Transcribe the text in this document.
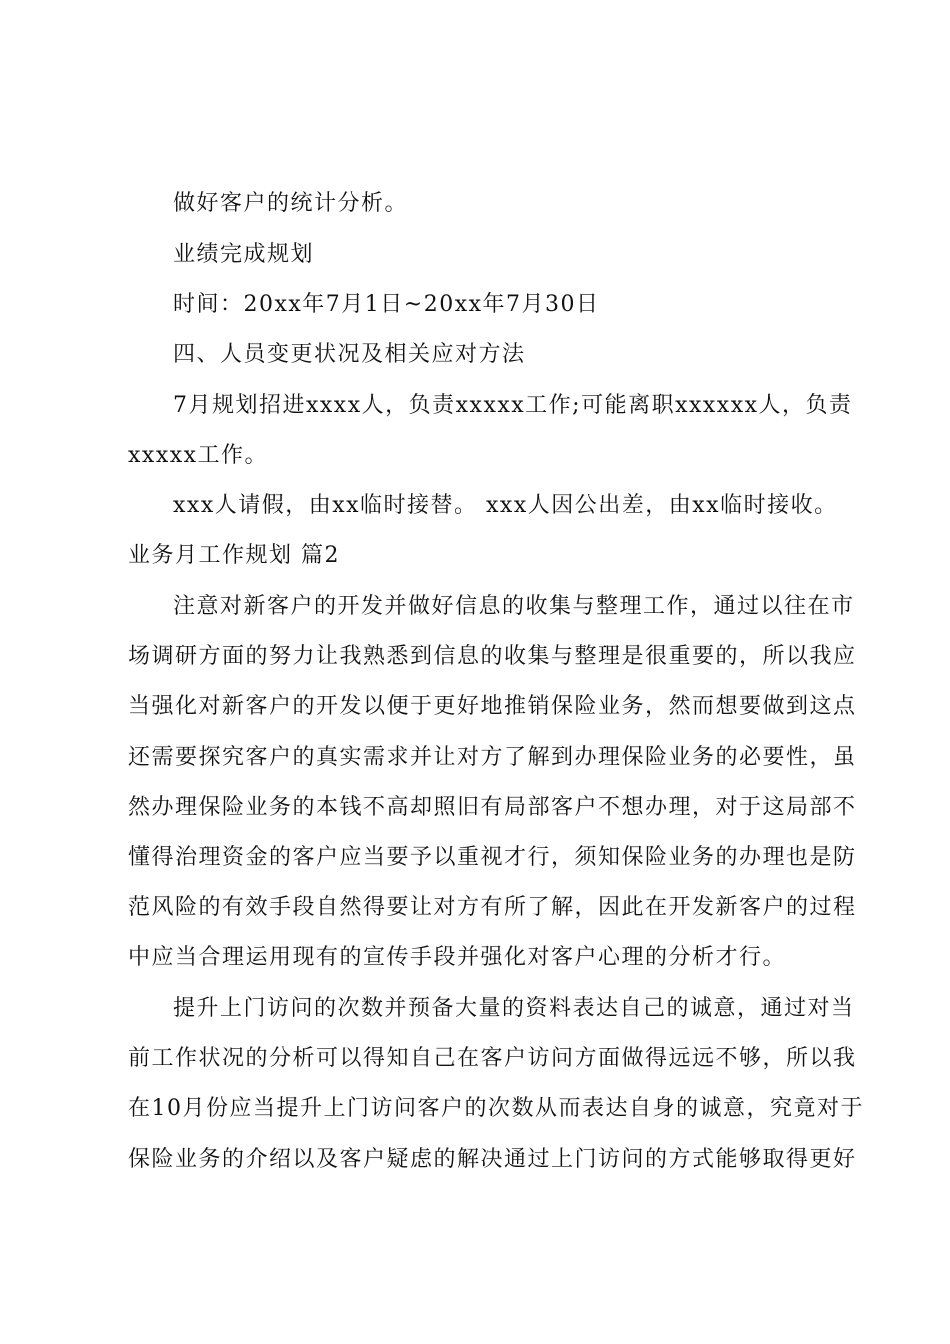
做好客户的统计分析。
业绩完成规划
时间：20xx年7月1日~20xx年7月30日
四、人员变更状况及相关应对方法
7月规划招进xxxx人，负责xxxxx工作;可能离职xxxxxx人，负责
xxxxx工作。
xxx人请假，由xx临时接替。 xxx人因公出差，由xx临时接收。
业务月工作规划 篇2
注意对新客户的开发并做好信息的收集与整理工作，通过以往在市
场调研方面的努力让我熟悉到信息的收集与整理是很重要的，所以我应
当强化对新客户的开发以便于更好地推销保险业务，然而想要做到这点
还需要探究客户的真实需求并让对方了解到办理保险业务的必要性，虽
然办理保险业务的本钱不高却照旧有局部客户不想办理，对于这局部不
懂得治理资金的客户应当要予以重视才行，须知保险业务的办理也是防
范风险的有效手段自然得要让对方有所了解，因此在开发新客户的过程
中应当合理运用现有的宣传手段并强化对客户心理的分析才行。
提升上门访问的次数并预备大量的资料表达自己的诚意，通过对当
前工作状况的分析可以得知自己在客户访问方面做得远远不够，所以我
在10月份应当提升上门访问客户的次数从而表达自身的诚意，究竟对于
保险业务的介绍以及客户疑虑的解决通过上门访问的方式能够取得更好
